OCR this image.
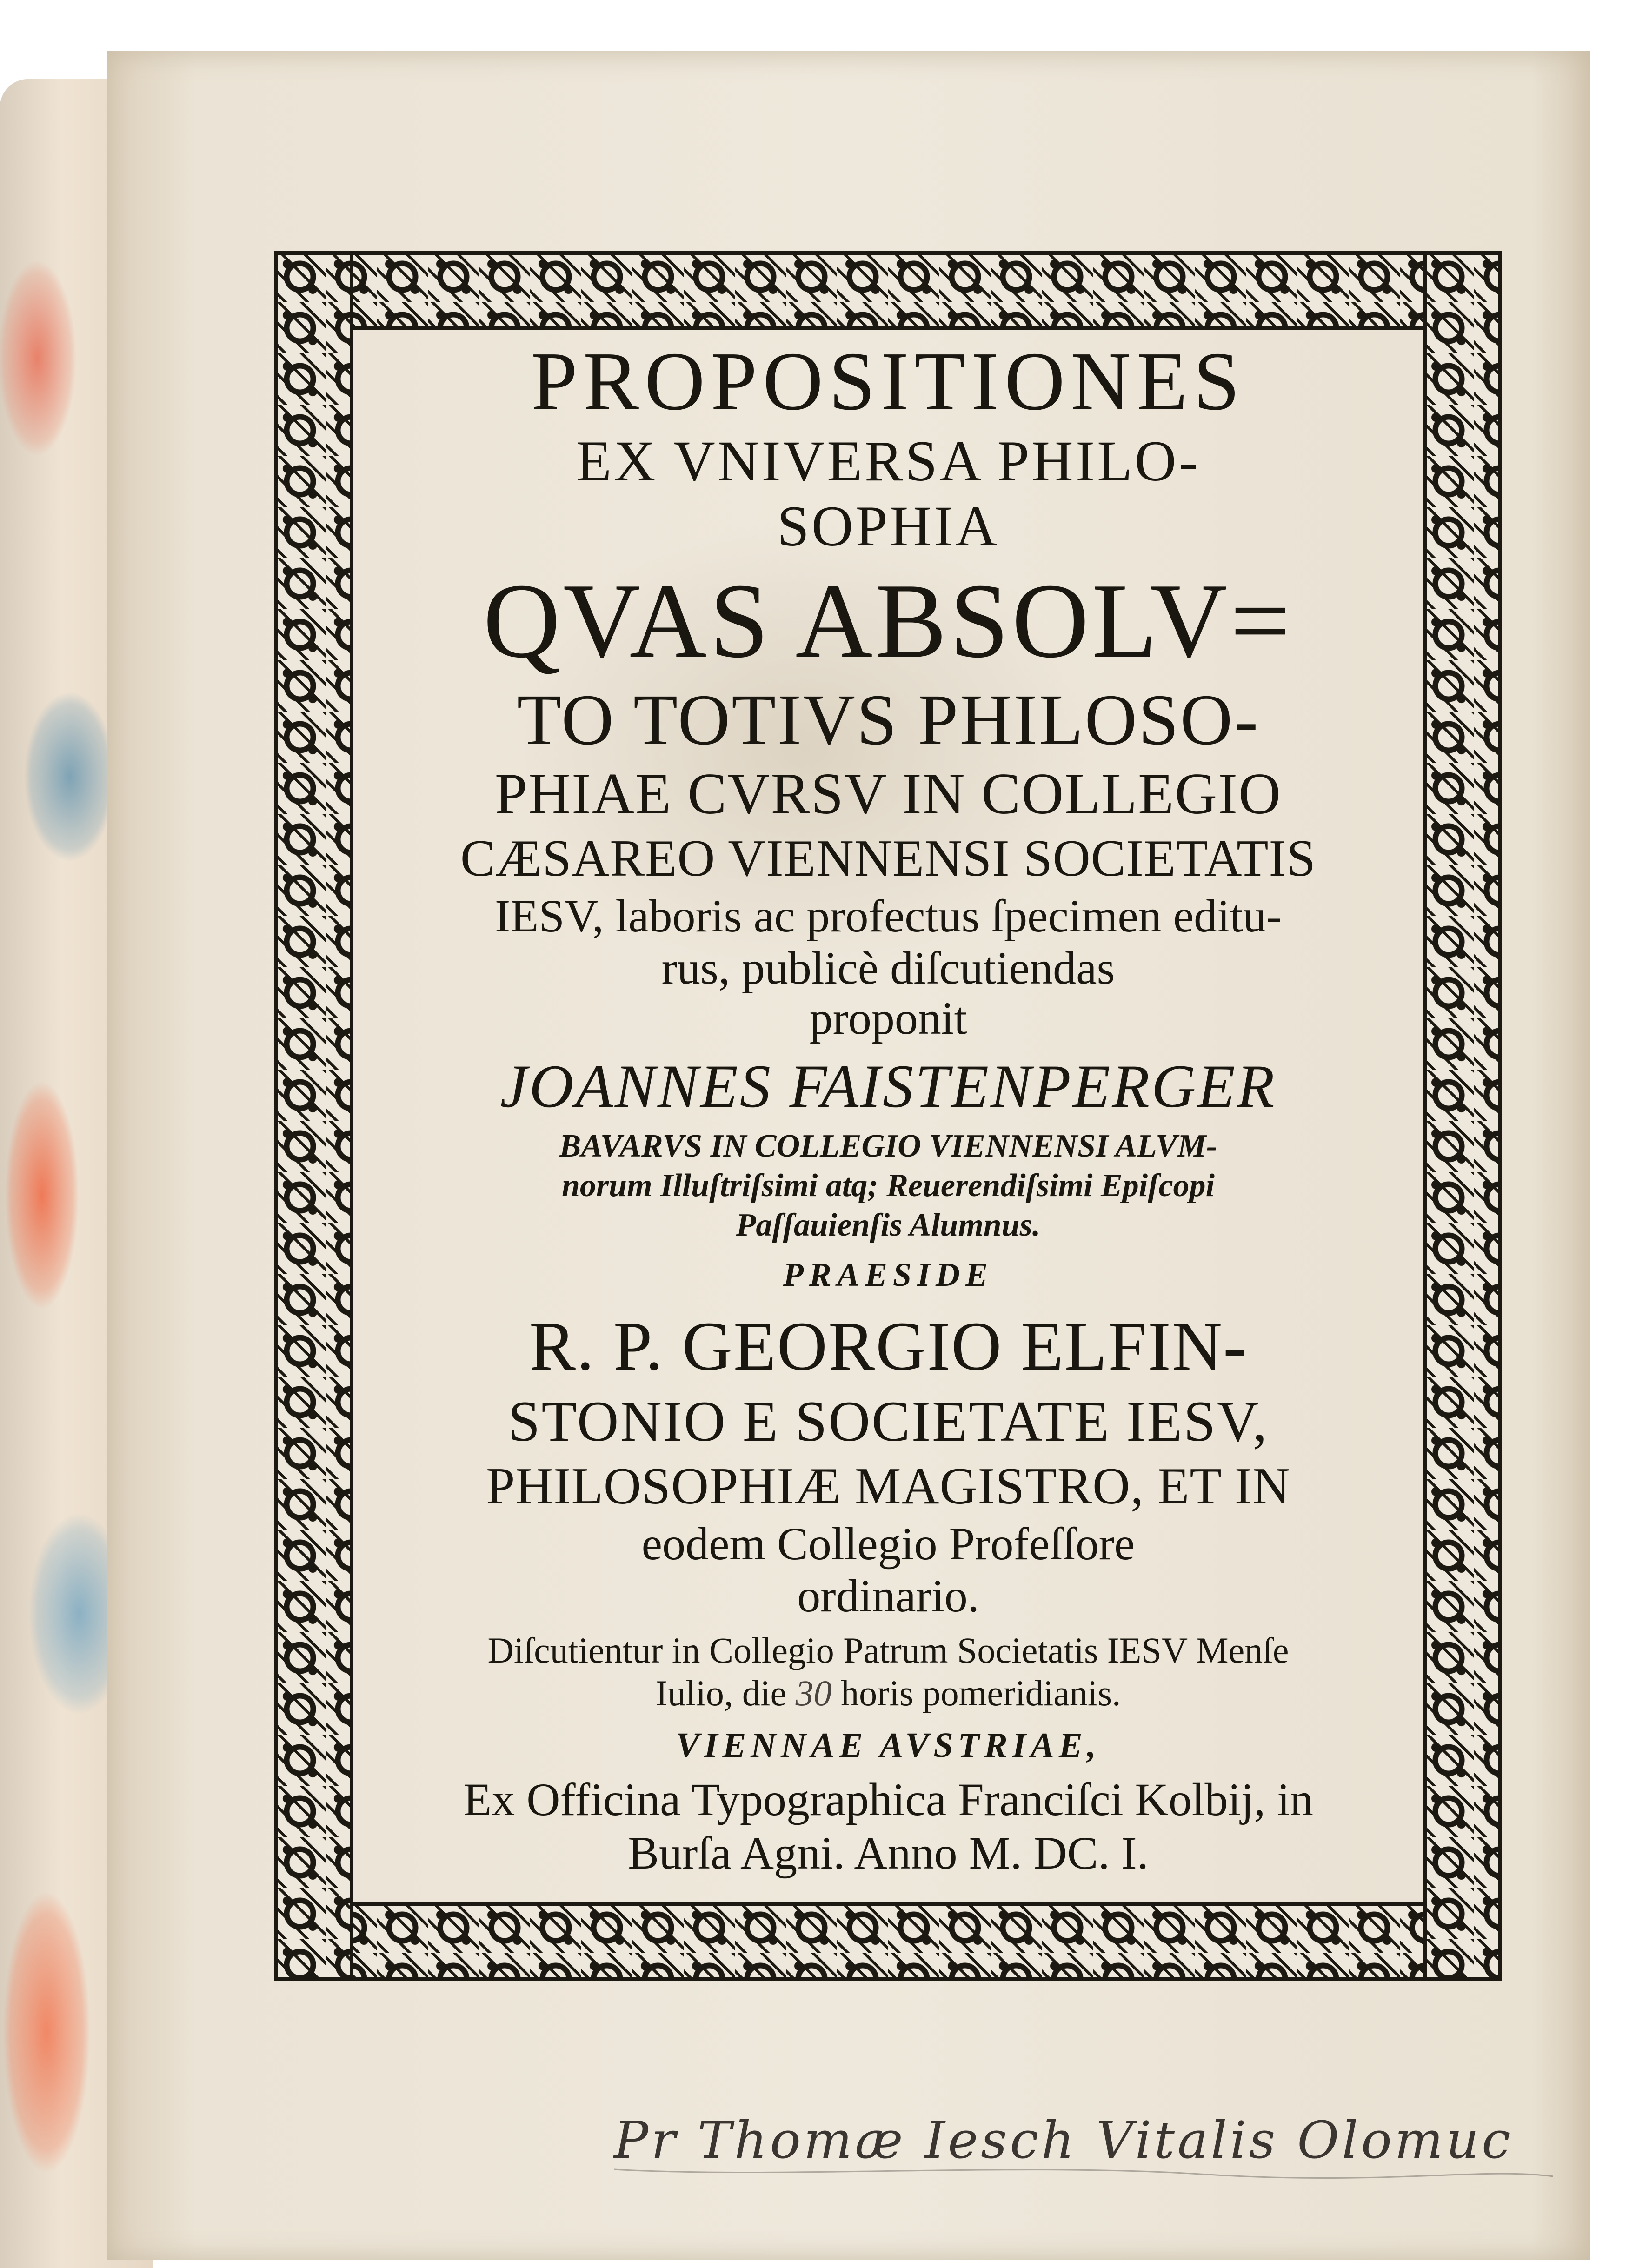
PROPOSITIONES
EX VNIVERSA PHILO-
SOPHIA
QVAS ABSOLV=
TO TOTIVS PHILOSO-
PHIAE CVRSV IN COLLEGIO
CÆSAREO VIENNENSI SOCIETATIS
IESV, laboris ac profectus ſpecimen editu-
rus, publicè diſcutiendas
proponit
JOANNES FAISTENPERGER
BAVARVS IN COLLEGIO VIENNENSI ALVM-
norum Illuſtriſsimi atq; Reuerendiſsimi Epiſcopi
Paſſauienſis Alumnus.
PRAESIDE
R. P. GEORGIO ELFIN-
STONIO E SOCIETATE IESV,
PHILOSOPHIÆ MAGISTRO, ET IN
eodem Collegio Profeſſore
ordinario.
Diſcutientur in Collegio Patrum Societatis IESV Menſe
Iulio, die 30 horis pomeridianis.
VIENNAE AVSTRIAE,
Ex Officina Typographica Franciſci Kolbij, in
Burſa Agni. Anno M. DC. I.
Pr Thomæ Iesch Vitalis Olomuc
